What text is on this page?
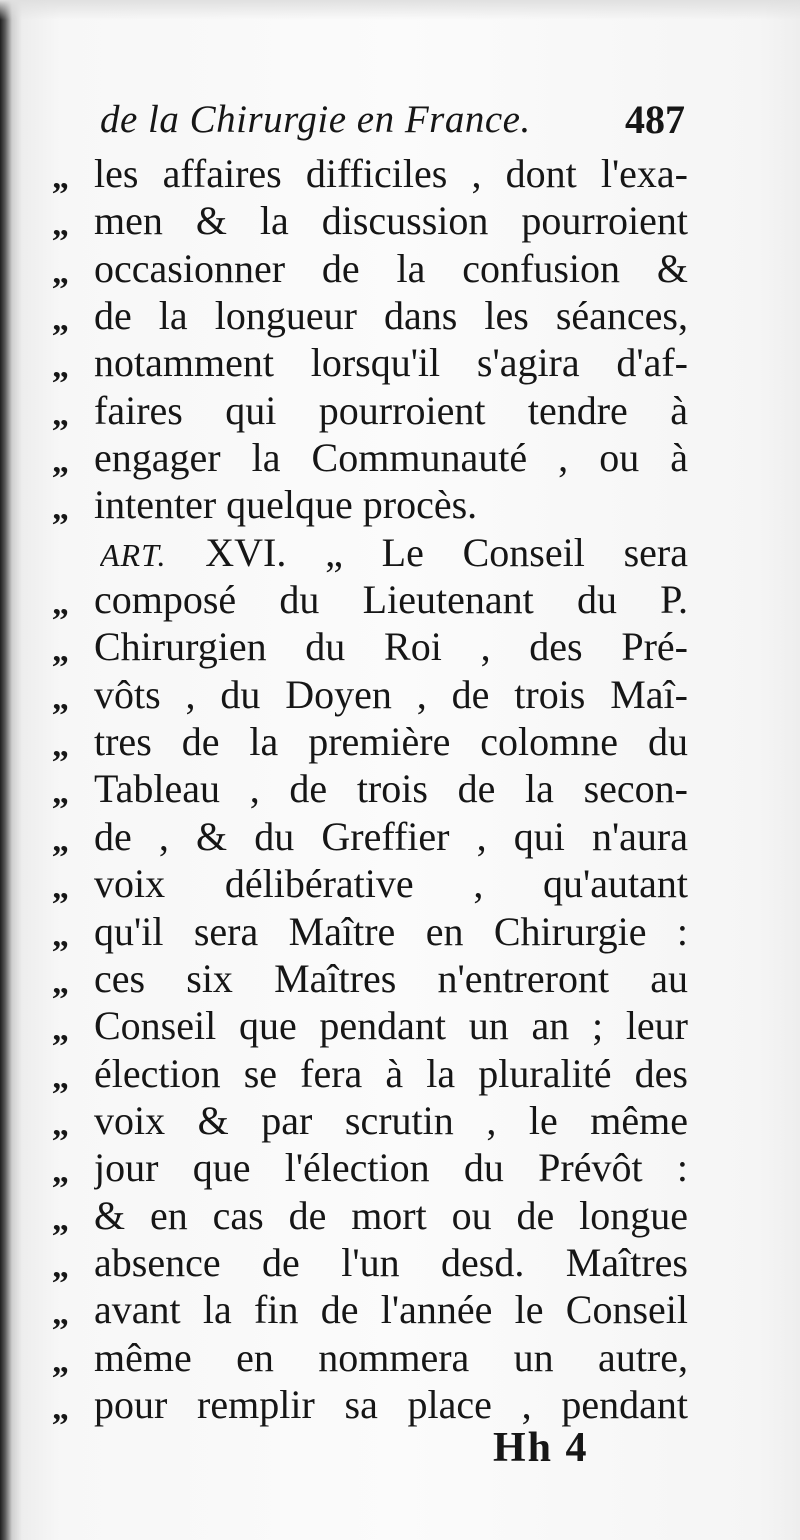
de la Chirurgie en France. 487
„ les affaires difficiles , dont l'exa-
„ men & la discussion pourroient
„ occasionner de la confusion &
„ de la longueur dans les séances,
„ notamment lorsqu'il s'agira d'af-
„ faires qui pourroient tendre à
„ engager la Communauté , ou à
„ intenter quelque procès.
ART. XVI. „ Le Conseil sera
„ composé du Lieutenant du P.
„ Chirurgien du Roi , des Pré-
„ vôts , du Doyen , de trois Maî-
„ tres de la première colomne du
„ Tableau , de trois de la secon-
„ de , & du Greffier , qui n'aura
„ voix délibérative , qu'autant
„ qu'il sera Maître en Chirurgie :
„ ces six Maîtres n'entreront au
„ Conseil que pendant un an ; leur
„ élection se fera à la pluralité des
„ voix & par scrutin , le même
„ jour que l'élection du Prévôt :
„ & en cas de mort ou de longue
„ absence de l'un desd. Maîtres
„ avant la fin de l'année le Conseil
„ même en nommera un autre,
„ pour remplir sa place , pendant
Hh 4
